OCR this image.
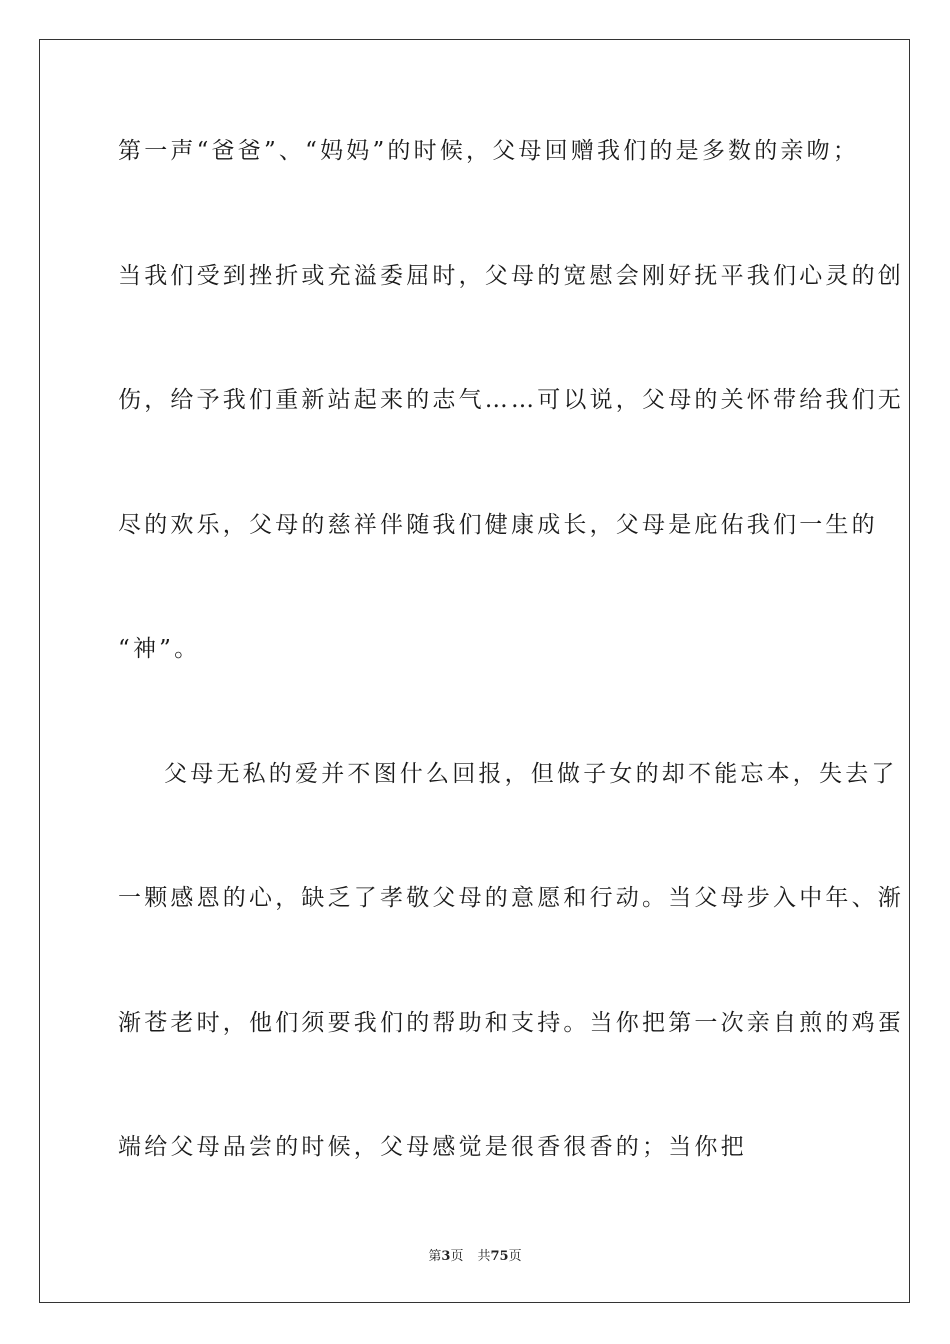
第一声“爸爸”、“妈妈”的时候，父母回赠我们的是多数的亲吻；
当我们受到挫折或充溢委屈时，父母的宽慰会刚好抚平我们心灵的创
伤，给予我们重新站起来的志气……可以说，父母的关怀带给我们无
尽的欢乐，父母的慈祥伴随我们健康成长，父母是庇佑我们一生的
“神”。
父母无私的爱并不图什么回报，但做子女的却不能忘本，失去了
一颗感恩的心，缺乏了孝敬父母的意愿和行动。当父母步入中年、渐
渐苍老时，他们须要我们的帮助和支持。当你把第一次亲自煎的鸡蛋
端给父母品尝的时候，父母感觉是很香很香的；当你把
第3页 共75页
